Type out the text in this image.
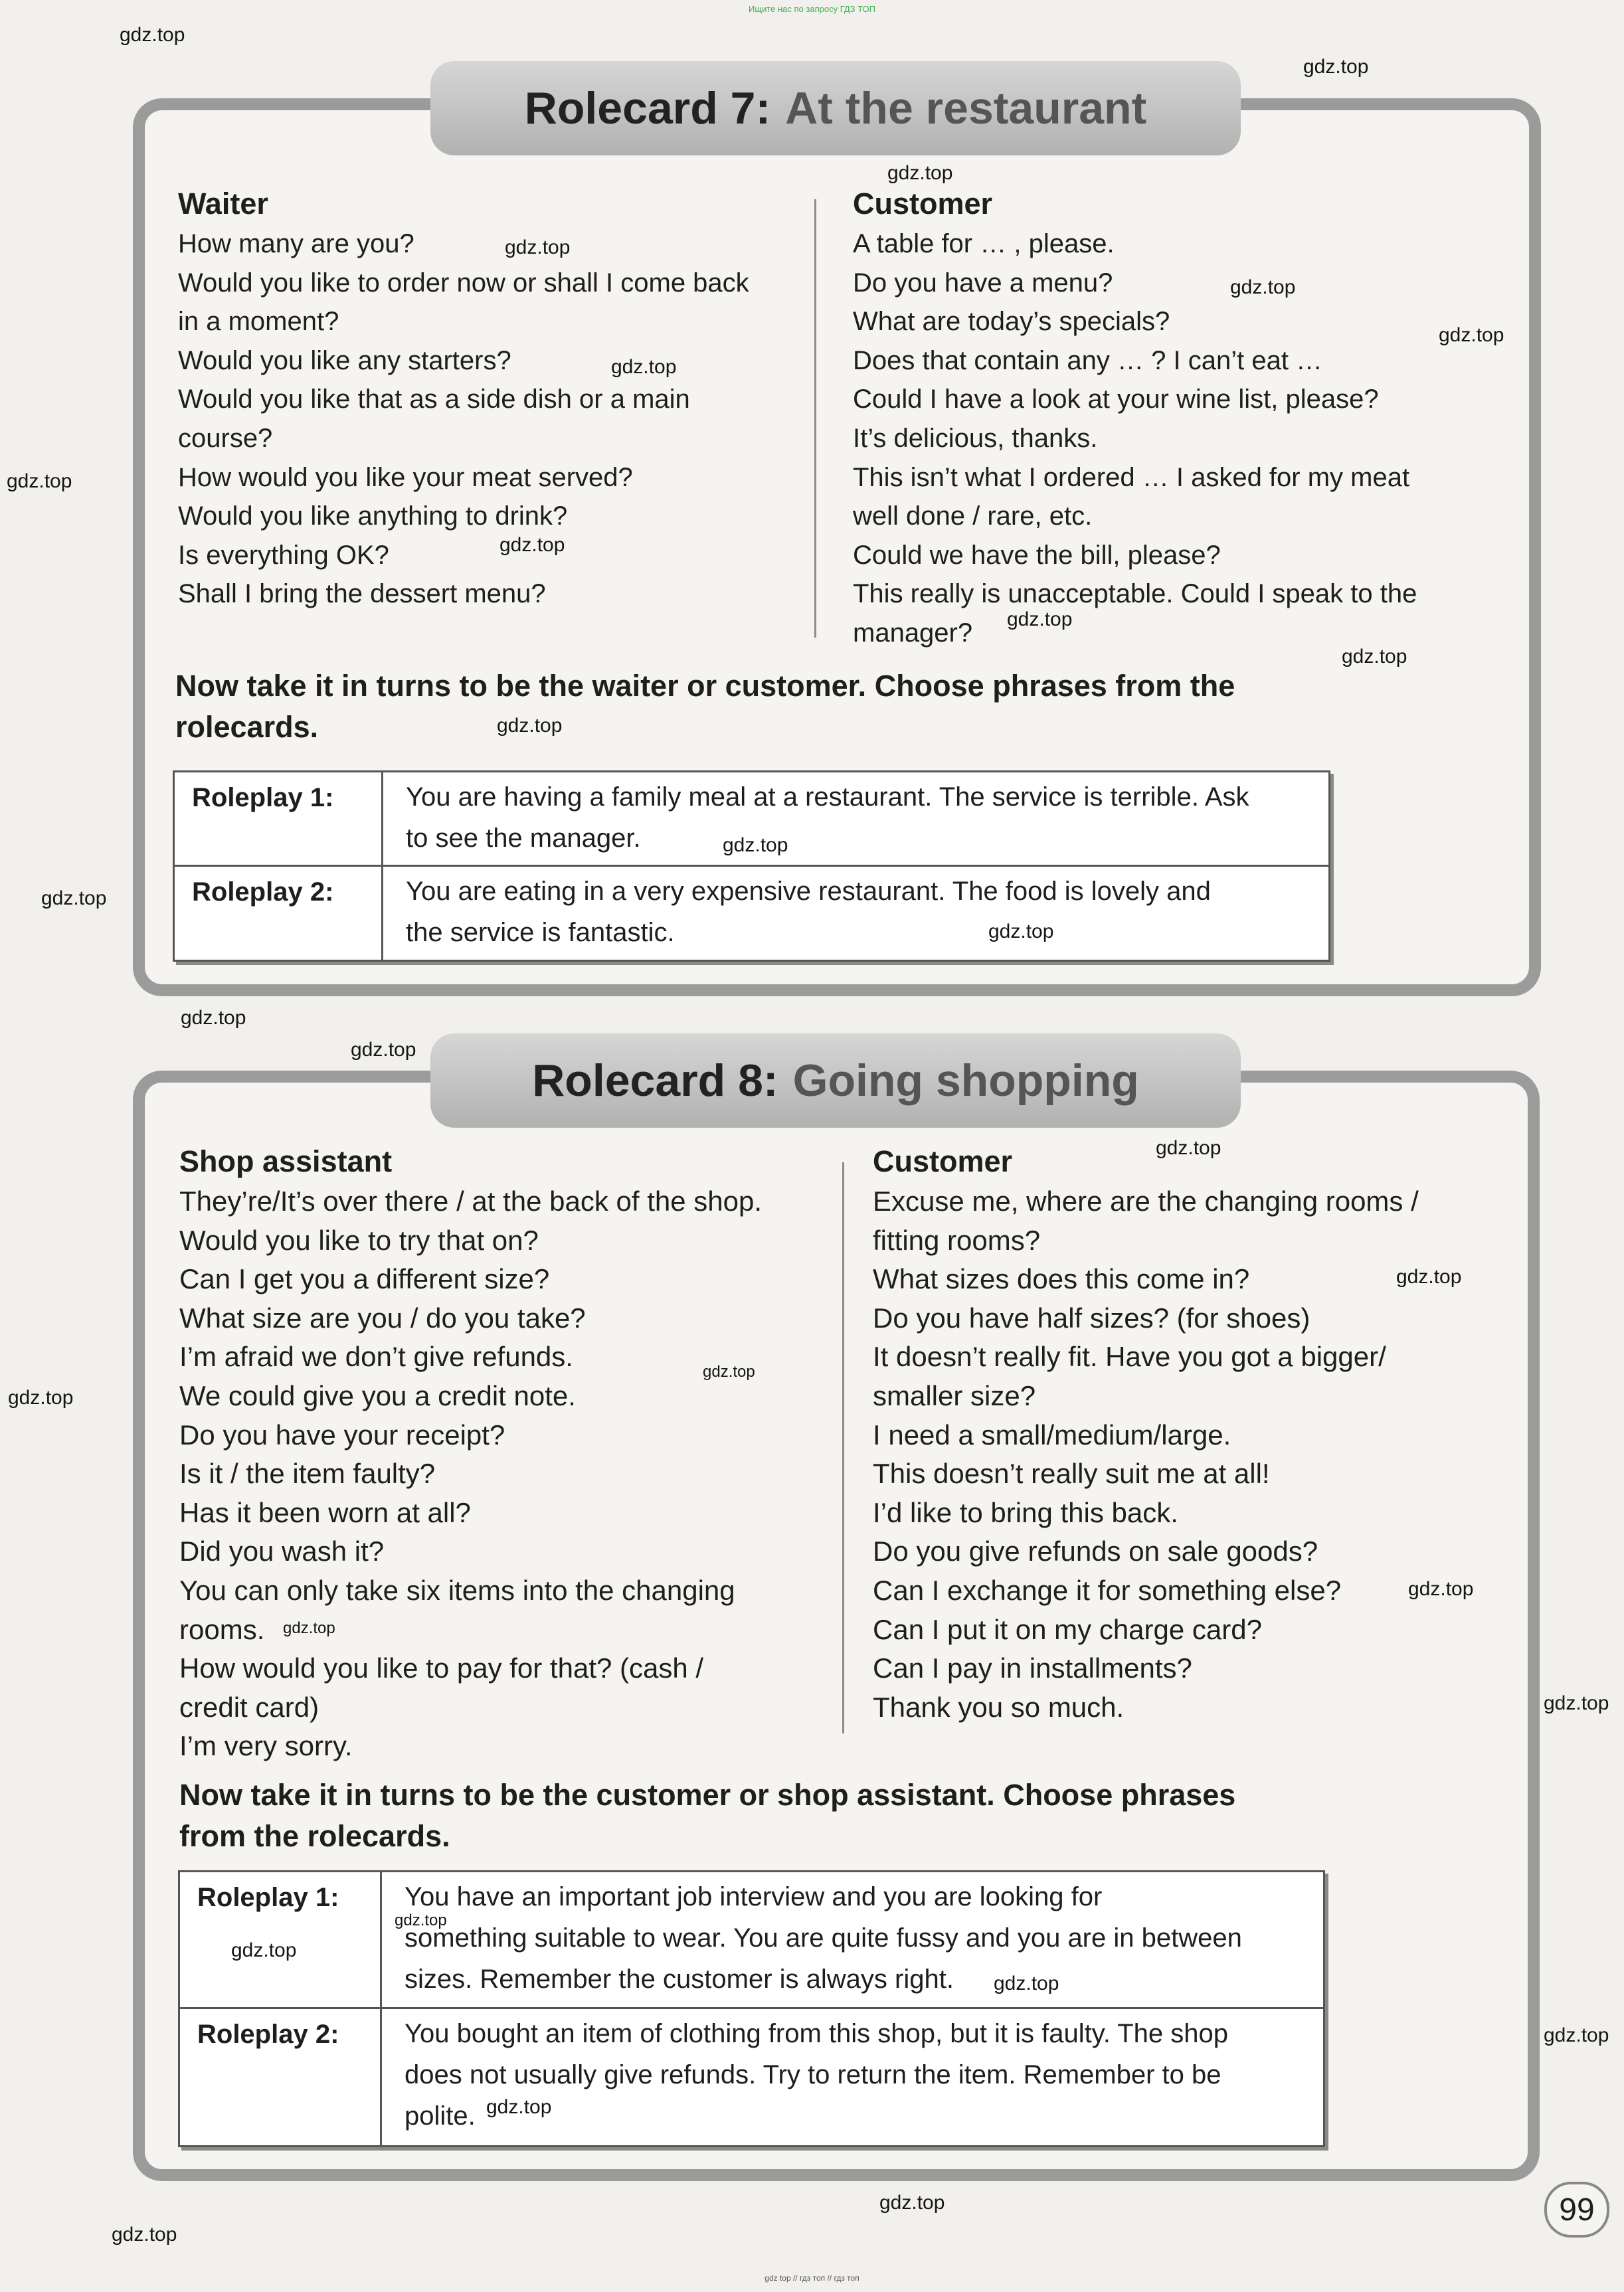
Ищите нас по запросу ГДЗ ТОП
Rolecard 7: At the restaurant
Waiter
How many are you?
Would you like to order now or shall I come back
in a moment?
Would you like any starters?
Would you like that as a side dish or a main
course?
How would you like your meat served?
Would you like anything to drink?
Is everything OK?
Shall I bring the dessert menu?
Customer
A table for … , please.
Do you have a menu?
What are today’s specials?
Does that contain any … ? I can’t eat …
Could I have a look at your wine list, please?
It’s delicious, thanks.
This isn’t what I ordered … I asked for my meat
well done / rare, etc.
Could we have the bill, please?
This really is unacceptable. Could I speak to the
manager?
Now take it in turns to be the waiter or customer. Choose phrases from the
rolecards.
Roleplay 1:	You are having a family meal at a restaurant. The service is terrible. Ask
to see the manager.

Roleplay 2:	You are eating in a very expensive restaurant. The food is lovely and
the service is fantastic.
Rolecard 8: Going shopping
Shop assistant
They’re/It’s over there / at the back of the shop.
Would you like to try that on?
Can I get you a different size?
What size are you / do you take?
I’m afraid we don’t give refunds.
We could give you a credit note.
Do you have your receipt?
Is it / the item faulty?
Has it been worn at all?
Did you wash it?
You can only take six items into the changing
rooms.
How would you like to pay for that? (cash /
credit card)
I’m very sorry.
Customer
Excuse me, where are the changing rooms /
fitting rooms?
What sizes does this come in?
Do you have half sizes? (for shoes)
It doesn’t really fit. Have you got a bigger/
smaller size?
I need a small/medium/large.
This doesn’t really suit me at all!
I’d like to bring this back.
Do you give refunds on sale goods?
Can I exchange it for something else?
Can I put it on my charge card?
Can I pay in installments?
Thank you so much.
Now take it in turns to be the customer or shop assistant. Choose phrases
from the rolecards.
Roleplay 1:	You have an important job interview and you are looking for
something suitable to wear. You are quite fussy and you are in between
sizes. Remember the customer is always right.

Roleplay 2:	You bought an item of clothing from this shop, but it is faulty. The shop
does not usually give refunds. Try to return the item. Remember to be
polite.
99
gdz.top
gdz.top
gdz.top
gdz.top
gdz.top
gdz.top
gdz.top
gdz.top
gdz.top
gdz.top
gdz.top
gdz.top
gdz.top
gdz.top
gdz.top
gdz.top
gdz.top
gdz.top
gdz.top
gdz.top
gdz.top
gdz.top
gdz.top
gdz.top
gdz.top
gdz.top
gdz.top
gdz.top
gdz.top
gdz.top
gdz.top
gdz top // гдз топ // гдз топ
